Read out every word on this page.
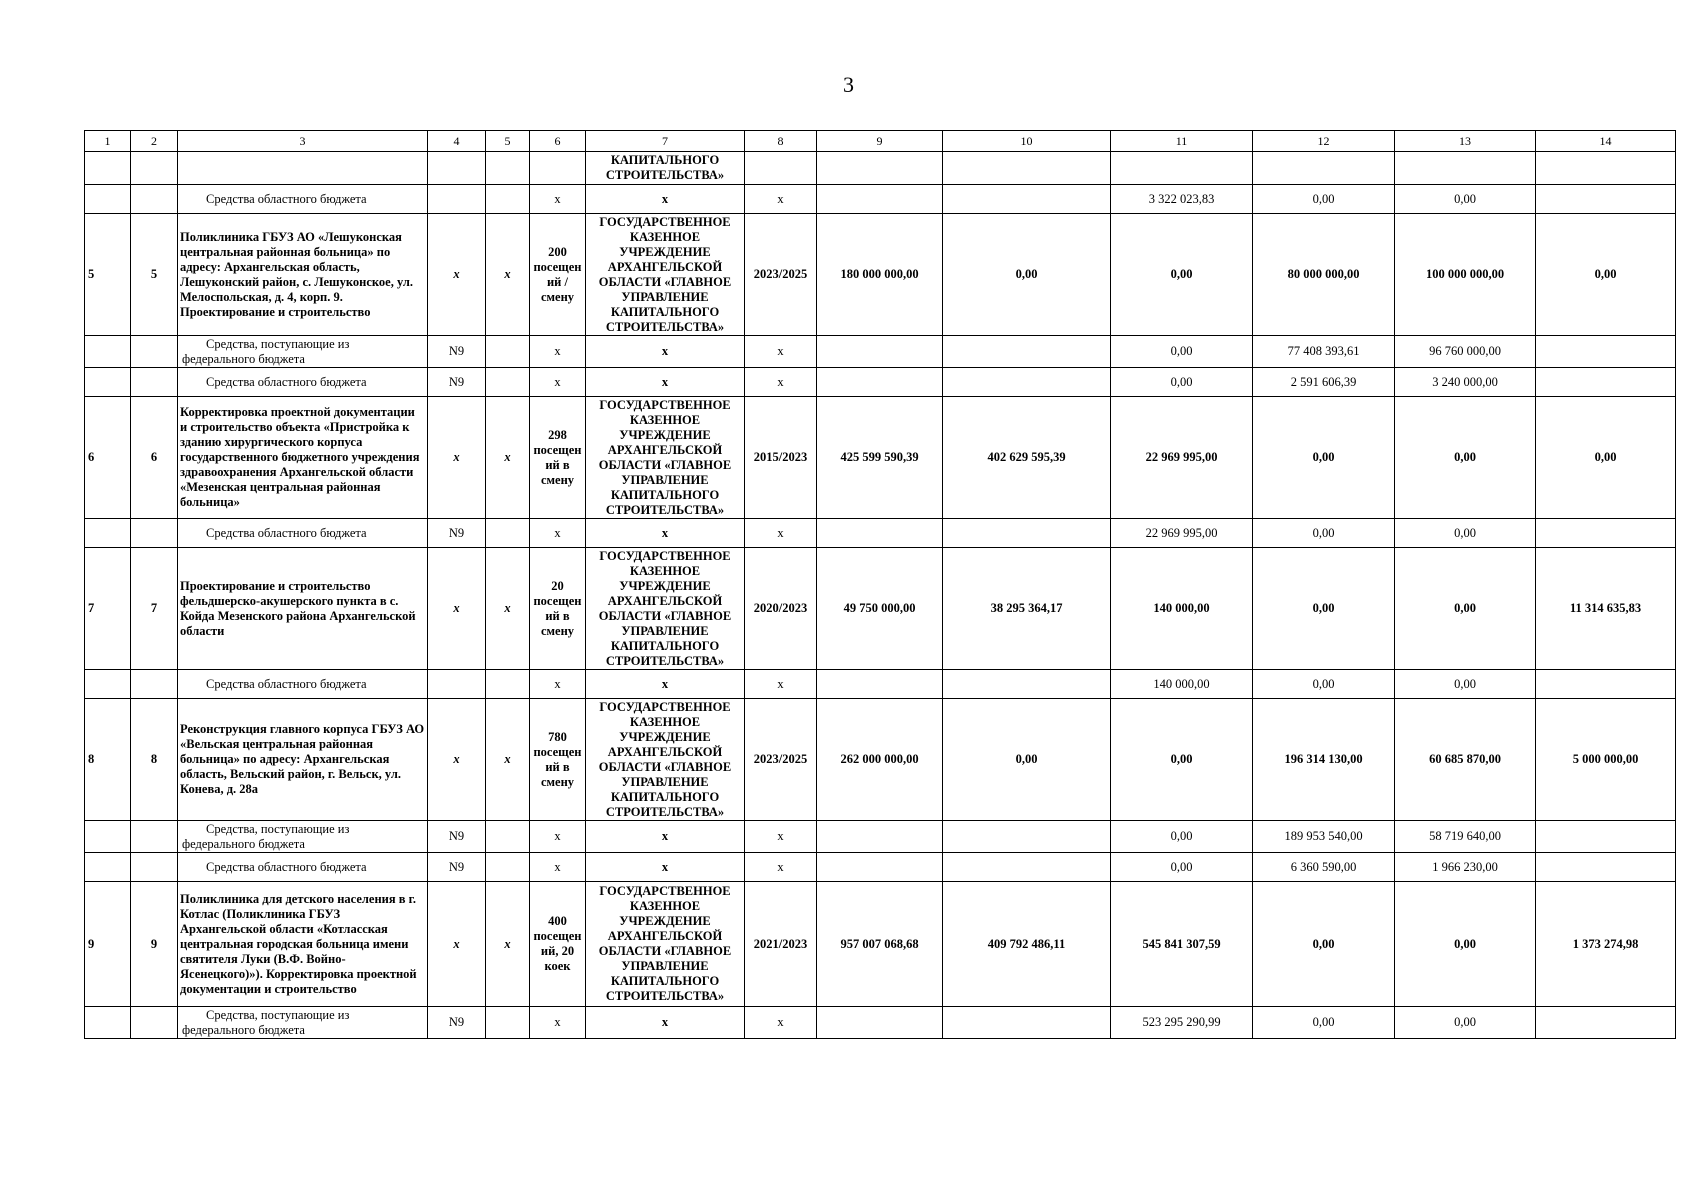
3
1	2	3	4	5	6	7	8	9	10	11	12	13	14
						КАПИТАЛЬНОГО СТРОИТЕЛЬСТВА»							
		Средства областного бюджета			x	x	x			3 322 023,83	0,00	0,00	
5	5	Поликлиника ГБУЗ АО «Лешуконская центральная районная больница» по адресу: Архангельская область, Лешуконский район, с. Лешуконское, ул. Мелоспольская, д. 4, корп. 9. Проектирование и строительство	x	x	200 посещений / смену	ГОСУДАРСТВЕННОЕ КАЗЕННОЕ УЧРЕЖДЕНИЕ АРХАНГЕЛЬСКОЙ ОБЛАСТИ «ГЛАВНОЕ УПРАВЛЕНИЕ КАПИТАЛЬНОГО СТРОИТЕЛЬСТВА»	2023/2025	180 000 000,00	0,00	0,00	80 000 000,00	100 000 000,00	0,00
		Средства, поступающие из федерального бюджета	N9		x	x	x			0,00	77 408 393,61	96 760 000,00	
		Средства областного бюджета	N9		x	x	x			0,00	2 591 606,39	3 240 000,00	
6	6	Корректировка проектной документации и строительство объекта «Пристройка к зданию хирургического корпуса государственного бюджетного учреждения здравоохранения Архангельской области «Мезенская центральная районная больница»	x	x	298 посещений в смену	ГОСУДАРСТВЕННОЕ КАЗЕННОЕ УЧРЕЖДЕНИЕ АРХАНГЕЛЬСКОЙ ОБЛАСТИ «ГЛАВНОЕ УПРАВЛЕНИЕ КАПИТАЛЬНОГО СТРОИТЕЛЬСТВА»	2015/2023	425 599 590,39	402 629 595,39	22 969 995,00	0,00	0,00	0,00
		Средства областного бюджета	N9		x	x	x			22 969 995,00	0,00	0,00	
7	7	Проектирование и строительство фельдшерско-акушерского пункта в с. Койда Мезенского района Архангельской области	x	x	20 посещений в смену	ГОСУДАРСТВЕННОЕ КАЗЕННОЕ УЧРЕЖДЕНИЕ АРХАНГЕЛЬСКОЙ ОБЛАСТИ «ГЛАВНОЕ УПРАВЛЕНИЕ КАПИТАЛЬНОГО СТРОИТЕЛЬСТВА»	2020/2023	49 750 000,00	38 295 364,17	140 000,00	0,00	0,00	11 314 635,83
		Средства областного бюджета			x	x	x			140 000,00	0,00	0,00	
8	8	Реконструкция главного корпуса ГБУЗ АО «Вельская центральная районная больница» по адресу: Архангельская область, Вельский район, г. Вельск, ул. Конева, д. 28а	x	x	780 посещений в смену	ГОСУДАРСТВЕННОЕ КАЗЕННОЕ УЧРЕЖДЕНИЕ АРХАНГЕЛЬСКОЙ ОБЛАСТИ «ГЛАВНОЕ УПРАВЛЕНИЕ КАПИТАЛЬНОГО СТРОИТЕЛЬСТВА»	2023/2025	262 000 000,00	0,00	0,00	196 314 130,00	60 685 870,00	5 000 000,00
		Средства, поступающие из федерального бюджета	N9		x	x	x			0,00	189 953 540,00	58 719 640,00	
		Средства областного бюджета	N9		x	x	x			0,00	6 360 590,00	1 966 230,00	
9	9	Поликлиника для детского населения в г. Котлас (Поликлиника ГБУЗ Архангельской области «Котласская центральная городская больница имени святителя Луки (В.Ф. Войно-Ясенецкого)»). Корректировка проектной документации и строительство	x	x	400 посещений, 20 коек	ГОСУДАРСТВЕННОЕ КАЗЕННОЕ УЧРЕЖДЕНИЕ АРХАНГЕЛЬСКОЙ ОБЛАСТИ «ГЛАВНОЕ УПРАВЛЕНИЕ КАПИТАЛЬНОГО СТРОИТЕЛЬСТВА»	2021/2023	957 007 068,68	409 792 486,11	545 841 307,59	0,00	0,00	1 373 274,98
		Средства, поступающие из федерального бюджета	N9		x	x	x			523 295 290,99	0,00	0,00	
